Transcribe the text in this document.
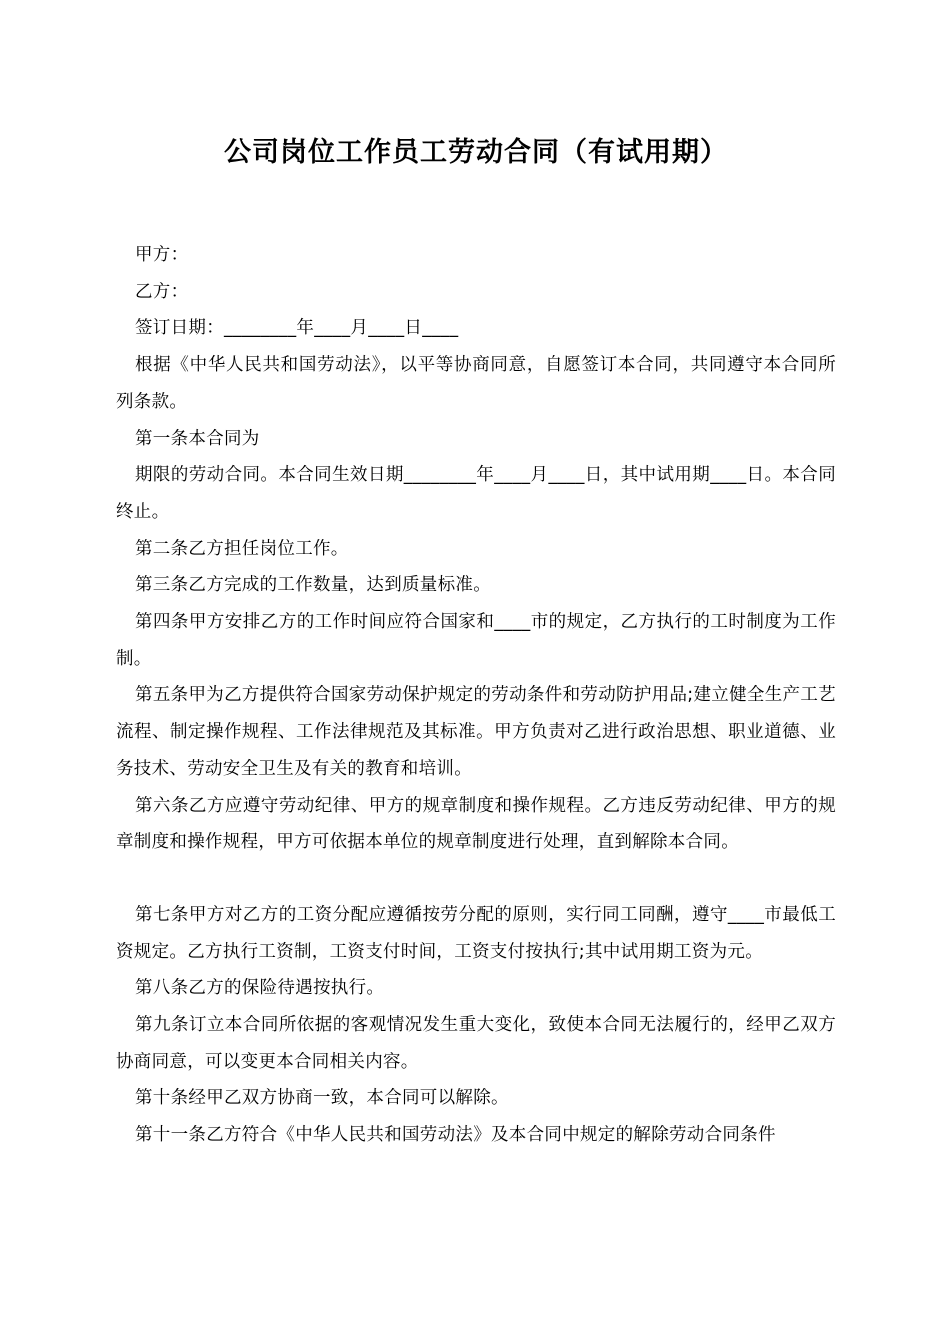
公司岗位工作员工劳动合同（有试用期）

甲方：

乙方：

签订日期：________年____月____日____

根据《中华人民共和国劳动法》，以平等协商同意，自愿签订本合同，共同遵守本合同所列条款。

第一条本合同为

期限的劳动合同。本合同生效日期________年____月____日，其中试用期____日。本合同终止。

第二条乙方担任岗位工作。

第三条乙方完成的工作数量，达到质量标准。

第四条甲方安排乙方的工作时间应符合国家和____市的规定，乙方执行的工时制度为工作制。

第五条甲为乙方提供符合国家劳动保护规定的劳动条件和劳动防护用品;建立健全生产工艺流程、制定操作规程、工作法律规范及其标准。甲方负责对乙进行政治思想、职业道德、业务技术、劳动安全卫生及有关的教育和培训。

第六条乙方应遵守劳动纪律、甲方的规章制度和操作规程。乙方违反劳动纪律、甲方的规章制度和操作规程，甲方可依据本单位的规章制度进行处理，直到解除本合同。

第七条甲方对乙方的工资分配应遵循按劳分配的原则，实行同工同酬，遵守____市最低工资规定。乙方执行工资制，工资支付时间，工资支付按执行;其中试用期工资为元。

第八条乙方的保险待遇按执行。

第九条订立本合同所依据的客观情况发生重大变化，致使本合同无法履行的，经甲乙双方协商同意，可以变更本合同相关内容。

第十条经甲乙双方协商一致，本合同可以解除。

第十一条乙方符合《中华人民共和国劳动法》及本合同中规定的解除劳动合同条件
